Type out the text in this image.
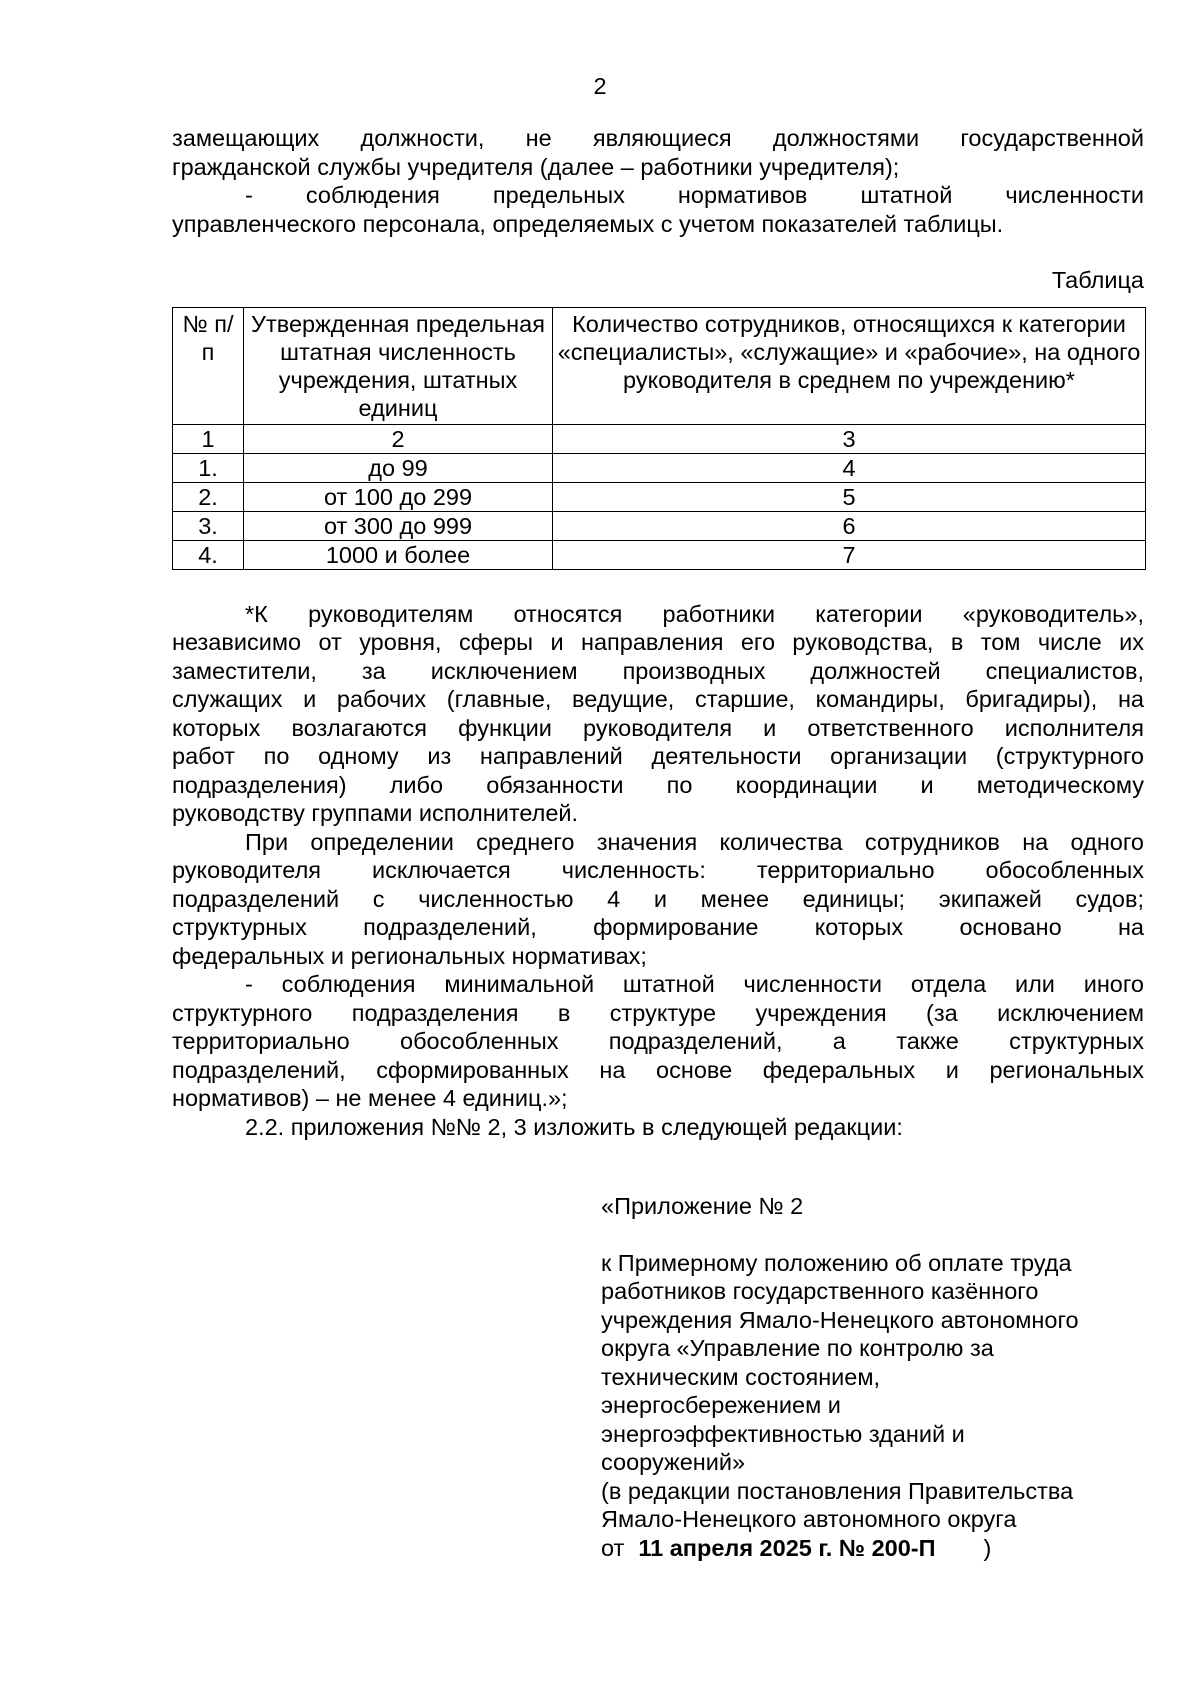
2

замещающих должности, не являющиеся должностями государственной

гражданской службы учредителя (далее – работники учредителя);

- соблюдения предельных нормативов штатной численности

управленческого персонала, определяемых с учетом показателей таблицы.

Таблица

№ п/п	Утвержденная предельная штатная численность учреждения, штатных единиц	Количество сотрудников, относящихся к категории «специалисты», «служащие» и «рабочие», на одного руководителя в среднем по учреждению*
1	2	3
1.	до 99	4
2.	от 100 до 299	5
3.	от 300 до 999	6
4.	1000 и более	7

*К руководителям относятся работники категории «руководитель»,

независимо от уровня, сферы и направления его руководства, в том числе их

заместители, за исключением производных должностей специалистов,

служащих и рабочих (главные, ведущие, старшие, командиры, бригадиры), на

которых возлагаются функции руководителя и ответственного исполнителя

работ по одному из направлений деятельности организации (структурного

подразделения) либо обязанности по координации и методическому

руководству группами исполнителей.

При определении среднего значения количества сотрудников на одного

руководителя исключается численность: территориально обособленных

подразделений с численностью 4 и менее единицы; экипажей судов;

структурных подразделений, формирование которых основано на

федеральных и региональных нормативах;

- соблюдения минимальной штатной численности отдела или иного

структурного подразделения в структуре учреждения (за исключением

территориально обособленных подразделений, а также структурных

подразделений, сформированных на основе федеральных и региональных

нормативов) – не менее 4 единиц.»;

2.2. приложения №№ 2, 3 изложить в следующей редакции:

«Приложение № 2
к Примерному положению об оплате труда
работников государственного казённого
учреждения Ямало-Ненецкого автономного
округа «Управление по контролю за
техническим состоянием,
энергосбережением и
энергоэффективностью зданий и
сооружений»
(в редакции постановления Правительства
Ямало-Ненецкого автономного округа
от 11 апреля 2025 г. № 200-П )
